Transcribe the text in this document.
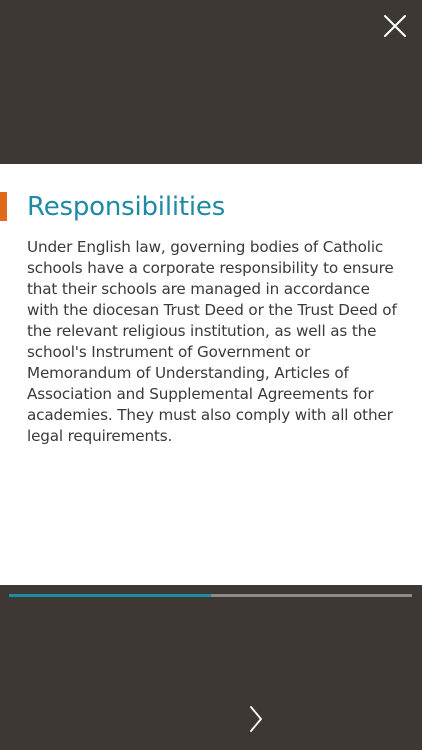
Responsibilities

Under English law, governing bodies of Catholic schools have a corporate responsibility to ensure that their schools are managed in accordance with the diocesan Trust Deed or the Trust Deed of the relevant religious institution, as well as the school's Instrument of Government or Memorandum of Understanding, Articles of Association and Supplemental Agreements for academies. They must also comply with all other legal requirements.
